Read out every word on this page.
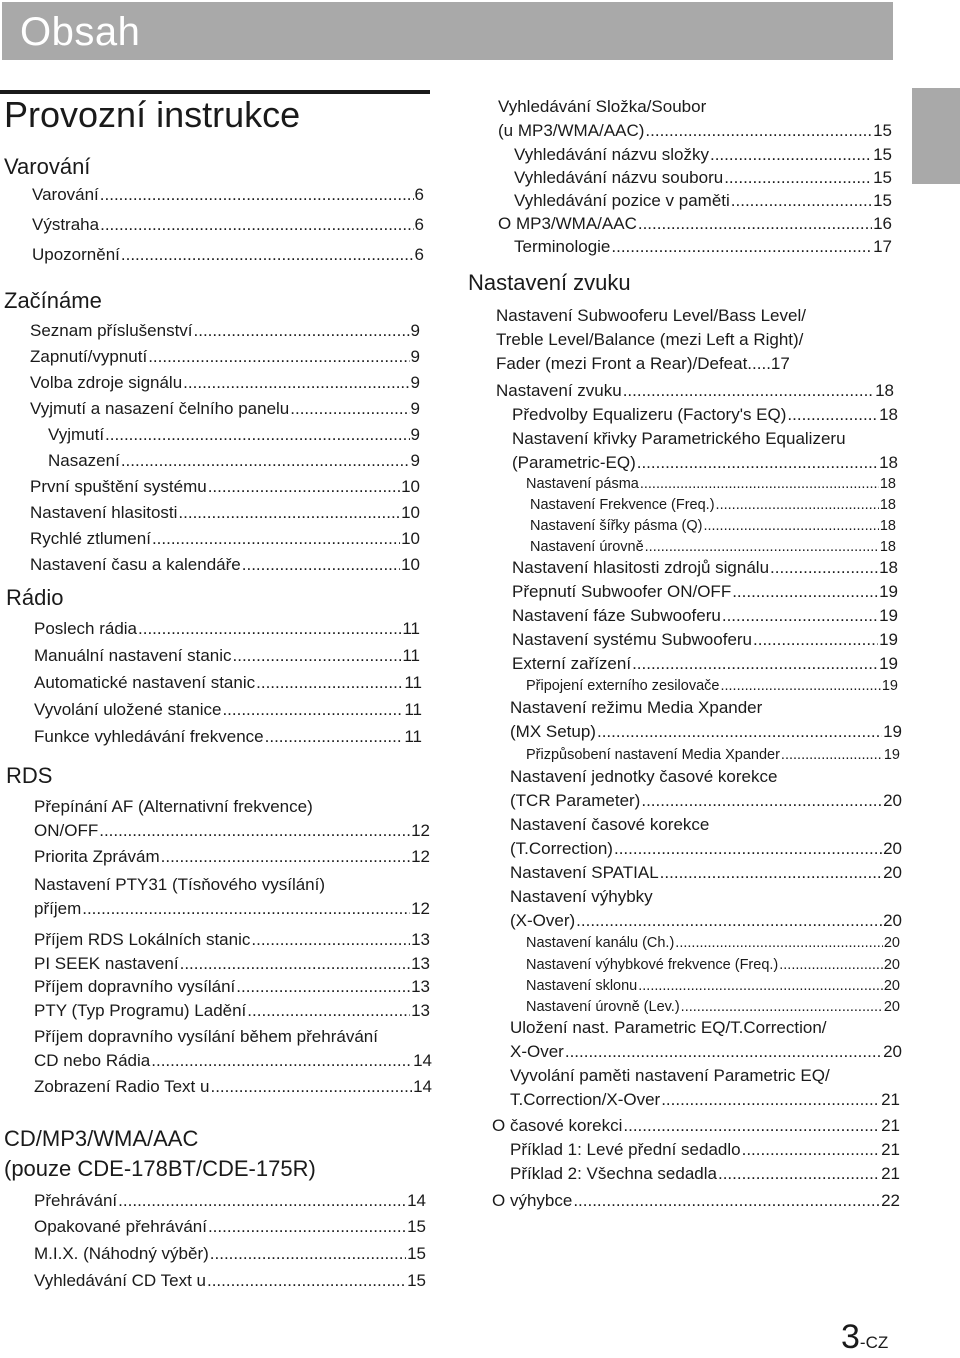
Obsah
Provozní instrukce
Varování
Varování .....	6
Výstraha .....	6
Upozornění .....	6
Začínáme
Seznam příslušenství .....	9
Zapnutí/vypnutí .....	9
Volba zdroje signálu .....	9
Vyjmutí a nasazení čelního panelu .....	9
Vyjmutí .....	9
Nasazení .....	9
První spuštění systému .....	10
Nastavení hlasitosti .....	10
Rychlé ztlumení .....	10
Nastavení času a kalendáře .....	10
Rádio
Poslech rádia .....	11
Manuální nastavení stanic .....	11
Automatické nastavení stanic .....	11
Vyvolání uložené stanice .....	11
Funkce vyhledávání frekvence .....	11
RDS
Přepínání AF (Alternativní frekvence)
ON/OFF .....	12
Priorita Zprávám .....	12
Nastavení PTY31 (Tísňového vysílání)
příjem .....	12
Příjem RDS Lokálních stanic .....	13
PI SEEK nastavení .....	13
Příjem dopravního vysílání .....	13
PTY (Typ Programu) Ladění .....	13
Příjem dopravního vysílání během přehrávání
CD nebo Rádia .....	14
Zobrazení Radio Text u .....	14
CD/MP3/WMA/AAC
(pouze CDE-178BT/CDE-175R)
Přehrávání .....	14
Opakované přehrávání .....	15
M.I.X. (Náhodný výběr) .....	15
Vyhledávání CD Text u .....	15
Vyhledávání Složka/Soubor
(u MP3/WMA/AAC) .....	15
Vyhledávání názvu složky .....	15
Vyhledávání názvu souboru .....	15
Vyhledávání pozice v paměti .....	15
O MP3/WMA/AAC .....	16
Terminologie .....	17
Nastavení zvuku
Nastavení Subwooferu Level/Bass Level/
Treble Level/Balance (mezi Left a Right)/
Fader (mezi Front a Rear)/Defeat.....17
Nastavení zvuku .....	18
Předvolby Equalizeru (Factory's EQ) .....	18
Nastavení křivky Parametrického Equalizeru
(Parametric-EQ) .....	18
Nastavení pásma .....	18
Nastavení Frekvence (Freq.) .....	18
Nastavení šířky pásma (Q) .....	18
Nastavení úrovně .....	18
Nastavení hlasitosti zdrojů signálu .....	18
Přepnutí Subwoofer ON/OFF .....	19
Nastavení fáze Subwooferu .....	19
Nastavení systému Subwooferu .....	19
Externí zařízení .....	19
Připojení externího zesilovače .....	19
Nastavení režimu Media Xpander
(MX Setup) .....	19
Přizpůsobení nastavení Media Xpander .....	19
Nastavení jednotky časové korekce
(TCR Parameter) .....	20
Nastavení časové korekce
(T.Correction) .....	20
Nastavení SPATIAL .....	20
Nastavení výhybky
(X-Over) .....	20
Nastavení kanálu (Ch.) .....	20
Nastavení výhybkové frekvence (Freq.) .....	20
Nastavení sklonu .....	20
Nastavení úrovně (Lev.) .....	20
Uložení nast. Parametric EQ/T.Correction/
X-Over .....	20
Vyvolání paměti nastavení Parametric EQ/
T.Correction/X-Over .....	21
O časové korekci .....	21
Příklad 1: Levé přední sedadlo .....	21
Příklad 2: Všechna sedadla .....	21
O výhybce .....	22
3-CZ
